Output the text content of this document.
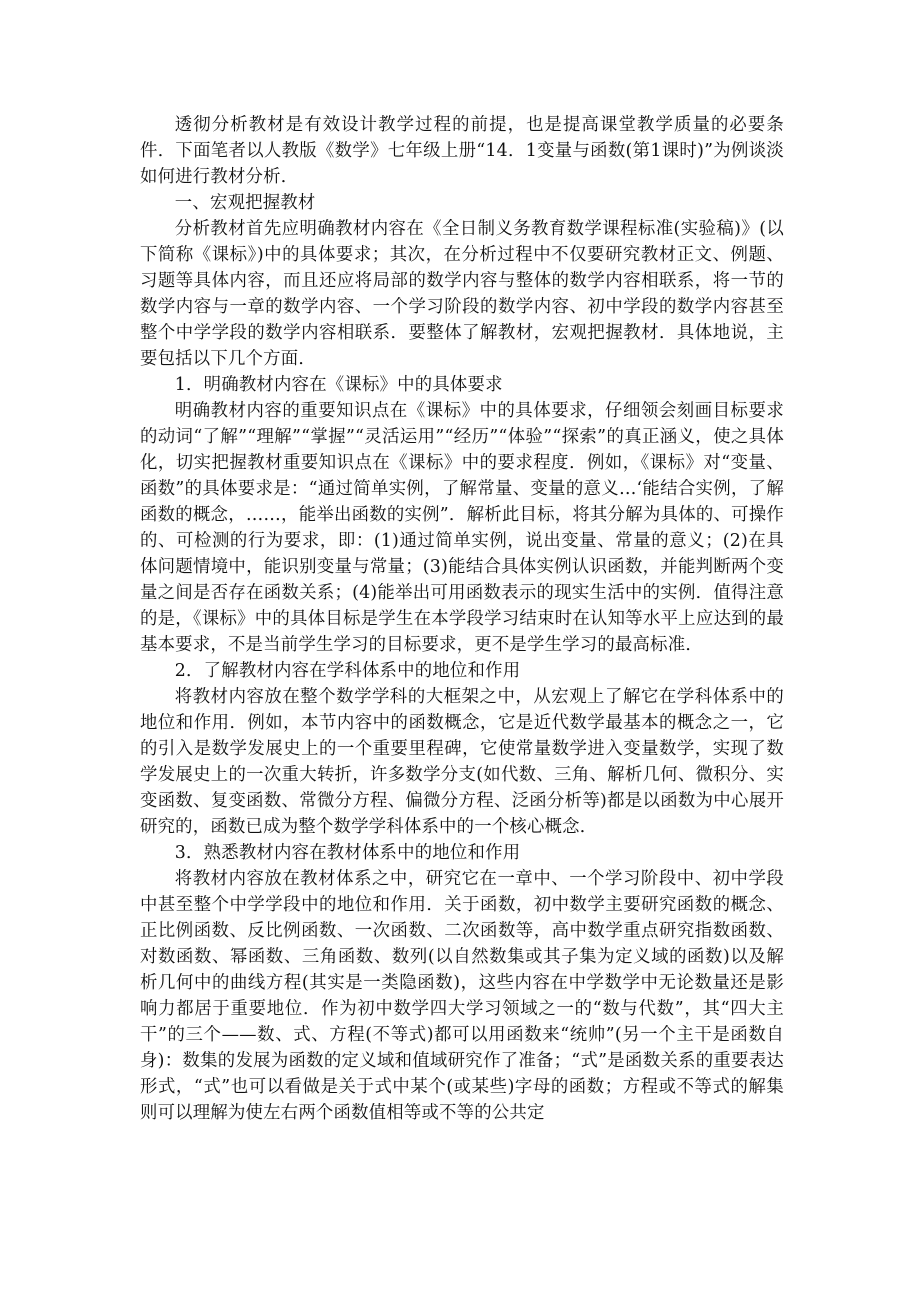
透彻分析教材是有效设计教学过程的前提，也是提高课堂教学质量的必要条件．下面笔者以人教版《数学》七年级上册“14．1变量与函数(第1课时)”为例谈淡如何进行教材分析．

一、宏观把握教材

分析教材首先应明确教材内容在《全日制义务教育数学课程标准(实验稿)》(以下简称《课标》)中的具体要求；其次，在分析过程中不仅要研究教材正文、例题、习题等具体内容，而且还应将局部的数学内容与整体的数学内容相联系，将一节的数学内容与一章的数学内容、一个学习阶段的数学内容、初中学段的数学内容甚至整个中学学段的数学内容相联系．要整体了解教材，宏观把握教材．具体地说，主要包括以下几个方面．

1．明确教材内容在《课标》中的具体要求

明确教材内容的重要知识点在《课标》中的具体要求，仔细领会刻画目标要求的动词“了解”“理解”“掌握”“灵活运用”“经历”“体验”“探索”的真正涵义，使之具体化，切实把握教材重要知识点在《课标》中的要求程度．例如，《课标》对“变量、函数”的具体要求是：“通过简单实例，了解常量、变量的意义…‘能结合实例，了解函数的概念，……，能举出函数的实例”．解析此目标，将其分解为具体的、可操作的、可检测的行为要求，即：(1)通过简单实例，说出变量、常量的意义；(2)在具体问题情境中，能识别变量与常量；(3)能结合具体实例认识函数，并能判断两个变量之间是否存在函数关系；(4)能举出可用函数表示的现实生活中的实例．值得注意的是，《课标》中的具体目标是学生在本学段学习结束时在认知等水平上应达到的最基本要求，不是当前学生学习的目标要求，更不是学生学习的最高标准．

2．了解教材内容在学科体系中的地位和作用

将教材内容放在整个数学学科的大框架之中，从宏观上了解它在学科体系中的地位和作用．例如，本节内容中的函数概念，它是近代数学最基本的概念之一，它的引入是数学发展史上的一个重要里程碑，它使常量数学进入变量数学，实现了数学发展史上的一次重大转折，许多数学分支(如代数、三角、解析几何、微积分、实变函数、复变函数、常微分方程、偏微分方程、泛函分析等)都是以函数为中心展开研究的，函数已成为整个数学学科体系中的一个核心概念．

3．熟悉教材内容在教材体系中的地位和作用

将教材内容放在教材体系之中，研究它在一章中、一个学习阶段中、初中学段中甚至整个中学学段中的地位和作用．关于函数，初中数学主要研究函数的概念、正比例函数、反比例函数、一次函数、二次函数等，高中数学重点研究指数函数、对数函数、幂函数、三角函数、数列(以自然数集或其子集为定义域的函数)以及解析几何中的曲线方程(其实是一类隐函数)，这些内容在中学数学中无论数量还是影响力都居于重要地位．作为初中数学四大学习领域之一的“数与代数”，其“四大主干”的三个——数、式、方程(不等式)都可以用函数来“统帅”(另一个主干是函数自身)：数集的发展为函数的定义域和值域研究作了准备；“式”是函数关系的重要表达形式，“式”也可以看做是关于式中某个(或某些)字母的函数；方程或不等式的解集则可以理解为使左右两个函数值相等或不等的公共定
